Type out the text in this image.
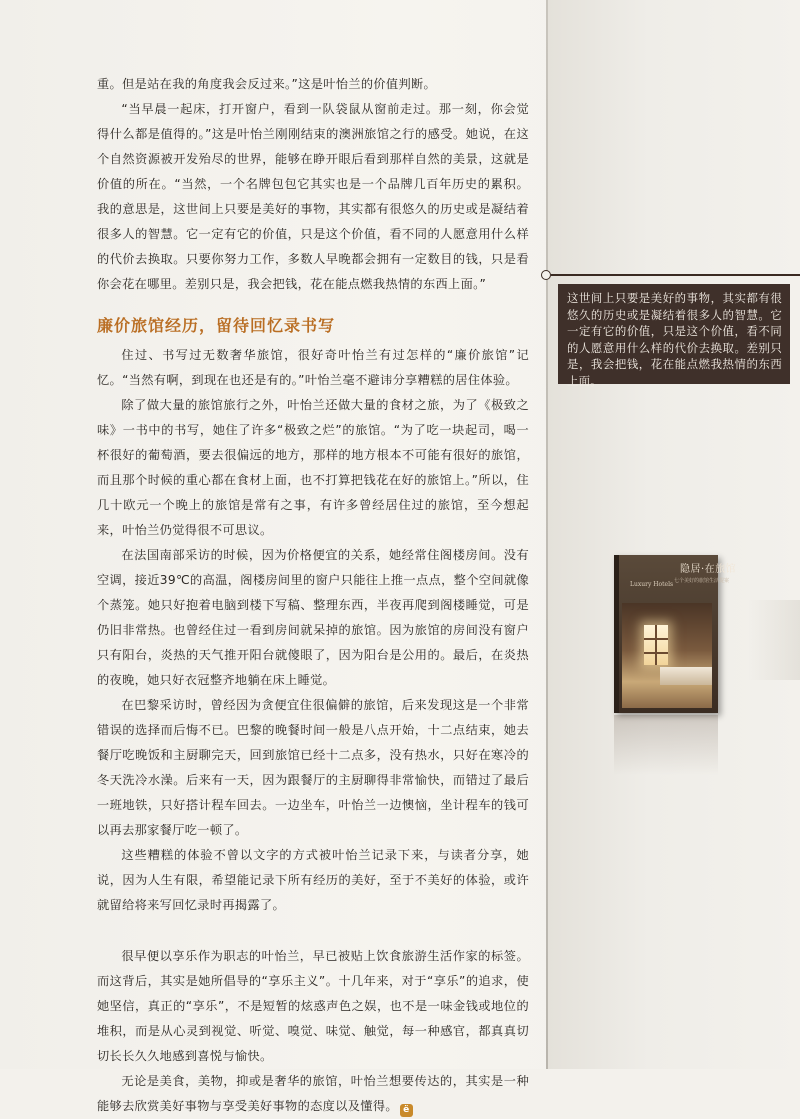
重。但是站在我的角度我会反过来。”这是叶怡兰的价值判断。

“当早晨一起床，打开窗户，看到一队袋鼠从窗前走过。那一刻，你会觉得什么都是值得的。”这是叶怡兰刚刚结束的澳洲旅馆之行的感受。她说，在这个自然资源被开发殆尽的世界，能够在睁开眼后看到那样自然的美景，这就是价值的所在。“当然，一个名牌包包它其实也是一个品牌几百年历史的累积。我的意思是，这世间上只要是美好的事物，其实都有很悠久的历史或是凝结着很多人的智慧。它一定有它的价值，只是这个价值，看不同的人愿意用什么样的代价去换取。只要你努力工作，多数人早晚都会拥有一定数目的钱，只是看你会花在哪里。差别只是，我会把钱，花在能点燃我热情的东西上面。”

廉价旅馆经历，留待回忆录书写

住过、书写过无数奢华旅馆，很好奇叶怡兰有过怎样的“廉价旅馆”记忆。“当然有啊，到现在也还是有的。”叶怡兰毫不避讳分享糟糕的居住体验。

除了做大量的旅馆旅行之外，叶怡兰还做大量的食材之旅，为了《极致之味》一书中的书写，她住了许多“极致之烂”的旅馆。“为了吃一块起司，喝一杯很好的葡萄酒，要去很偏远的地方，那样的地方根本不可能有很好的旅馆，而且那个时候的重心都在食材上面，也不打算把钱花在好的旅馆上。”所以，住几十欧元一个晚上的旅馆是常有之事，有许多曾经居住过的旅馆，至今想起来，叶怡兰仍觉得很不可思议。

在法国南部采访的时候，因为价格便宜的关系，她经常住阁楼房间。没有空调，接近39℃的高温，阁楼房间里的窗户只能往上推一点点，整个空间就像个蒸笼。她只好抱着电脑到楼下写稿、整理东西，半夜再爬到阁楼睡觉，可是仍旧非常热。也曾经住过一看到房间就呆掉的旅馆。因为旅馆的房间没有窗户只有阳台，炎热的天气推开阳台就傻眼了，因为阳台是公用的。最后，在炎热的夜晚，她只好衣冠整齐地躺在床上睡觉。

在巴黎采访时，曾经因为贪便宜住很偏僻的旅馆，后来发现这是一个非常错误的选择而后悔不已。巴黎的晚餐时间一般是八点开始，十二点结束，她去餐厅吃晚饭和主厨聊完天，回到旅馆已经十二点多，没有热水，只好在寒冷的冬天洗冷水澡。后来有一天，因为跟餐厅的主厨聊得非常愉快，而错过了最后一班地铁，只好搭计程车回去。一边坐车，叶怡兰一边懊恼，坐计程车的钱可以再去那家餐厅吃一顿了。

这些糟糕的体验不曾以文字的方式被叶怡兰记录下来，与读者分享，她说，因为人生有限，希望能记录下所有经历的美好，至于不美好的体验，或许就留给将来写回忆录时再揭露了。

很早便以享乐作为职志的叶怡兰，早已被贴上饮食旅游生活作家的标签。而这背后，其实是她所倡导的“享乐主义”。十几年来，对于“享乐”的追求，使她坚信，真正的“享乐”，不是短暂的炫惑声色之娱，也不是一味金钱或地位的堆积，而是从心灵到视觉、听觉、嗅觉、味觉、触觉，每一种感官，都真真切切长长久久地感到喜悦与愉快。

无论是美食，美物，抑或是奢华的旅馆，叶怡兰想要传达的，其实是一种能够去欣赏美好事物与享受美好事物的态度以及懂得。 ë

这世间上只要是美好的事物，其实都有很悠久的历史或是凝结着很多人的智慧。它一定有它的价值，只是这个价值，看不同的人愿意用什么样的代价去换取。差别只是，我会把钱，花在能点燃我热情的东西上面。
隐居·在旅馆
七个美好的旅馆生活提案
Luxury Hotels
